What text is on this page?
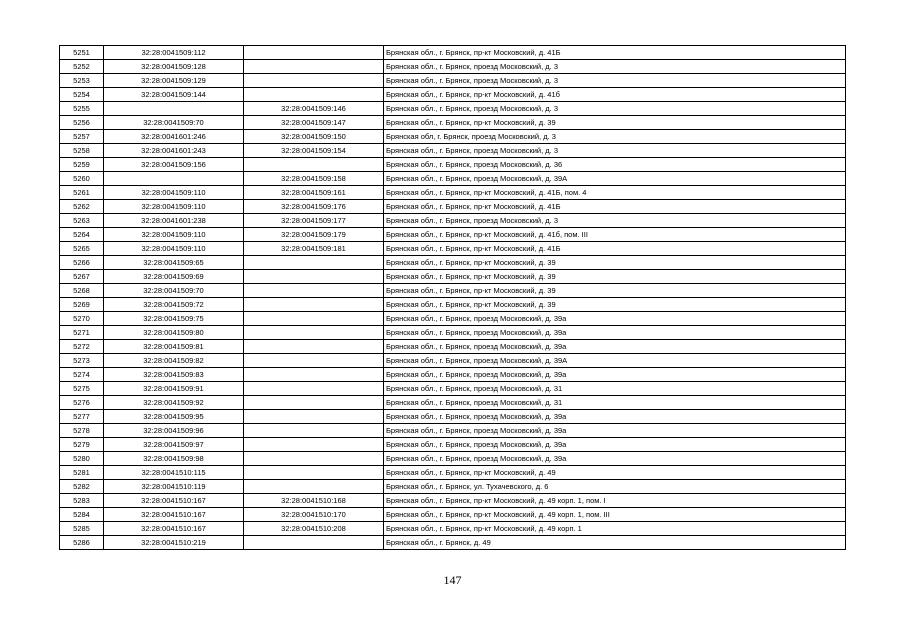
5251	32:28:0041509:112		Брянская обл., г. Брянск, пр-кт Московский, д. 41Б
5252	32:28:0041509:128		Брянская обл., г. Брянск, проезд Московский, д. 3
5253	32:28:0041509:129		Брянская обл., г. Брянск, проезд Московский, д. 3
5254	32:28:0041509:144		Брянская обл., г. Брянск, пр-кт Московский, д. 41б
5255		32:28:0041509:146	Брянская обл., г. Брянск, проезд Московский, д. 3
5256	32:28:0041509:70	32:28:0041509:147	Брянская обл., г. Брянск, пр-кт Московский, д. 39
5257	32:28:0041601:246	32:28:0041509:150	Брянская обл, г. Брянск, проезд Московский, д. 3
5258	32:28:0041601:243	32:28:0041509:154	Брянская обл., г. Брянск, проезд Московский, д. 3
5259	32:28:0041509:156		Брянская обл., г. Брянск, проезд Московский, д. 36
5260		32:28:0041509:158	Брянская обл., г. Брянск, проезд Московский, д. 39А
5261	32:28:0041509:110	32:28:0041509:161	Брянская обл., г. Брянск, пр-кт Московский, д. 41Б, пом. 4
5262	32:28:0041509:110	32:28:0041509:176	Брянская обл., г. Брянск, пр-кт Московский, д. 41Б
5263	32:28:0041601:238	32:28:0041509:177	Брянская обл., г. Брянск, проезд Московский, д. 3
5264	32:28:0041509:110	32:28:0041509:179	Брянская обл., г. Брянск, пр-кт Московский, д. 41б, пом. III
5265	32:28:0041509:110	32:28:0041509:181	Брянская обл., г. Брянск, пр-кт Московский, д. 41Б
5266	32:28:0041509:65		Брянская обл., г. Брянск, пр-кт Московский, д. 39
5267	32:28:0041509:69		Брянская обл., г. Брянск, пр-кт Московский, д. 39
5268	32:28:0041509:70		Брянская обл., г. Брянск, пр-кт Московский, д. 39
5269	32:28:0041509:72		Брянская обл., г. Брянск, пр-кт Московский, д. 39
5270	32:28:0041509:75		Брянская обл., г. Брянск, проезд Московский, д. 39а
5271	32:28:0041509:80		Брянская обл., г. Брянск, проезд Московский, д. 39а
5272	32:28:0041509:81		Брянская обл., г. Брянск, проезд Московский, д. 39а
5273	32:28:0041509:82		Брянская обл., г. Брянск, проезд Московский, д. 39А
5274	32:28:0041509:83		Брянская обл., г. Брянск, проезд Московский, д. 39а
5275	32:28:0041509:91		Брянская обл., г. Брянск, проезд Московский, д. 31
5276	32:28:0041509:92		Брянская обл., г. Брянск, проезд Московский, д. 31
5277	32:28:0041509:95		Брянская обл., г. Брянск, проезд Московский, д. 39а
5278	32:28:0041509:96		Брянская обл., г. Брянск, проезд Московский, д. 39а
5279	32:28:0041509:97		Брянская обл., г. Брянск, проезд Московский, д. 39а
5280	32:28:0041509:98		Брянская обл., г. Брянск, проезд Московский, д. 39а
5281	32:28:0041510:115		Брянская обл., г. Брянск, пр-кт Московский, д. 49
5282	32:28:0041510:119		Брянская обл., г. Брянск, ул. Тухачевского, д. 6
5283	32:28:0041510:167	32:28:0041510:168	Брянская обл., г. Брянск, пр-кт Московский, д. 49 корп. 1, пом. I
5284	32:28:0041510:167	32:28:0041510:170	Брянская обл., г. Брянск, пр-кт Московский, д. 49 корп. 1, пом. III
5285	32:28:0041510:167	32:28:0041510:208	Брянская обл., г. Брянск, пр-кт Московский, д. 49 корп. 1
5286	32:28:0041510:219		Брянская обл., г. Брянск, д. 49
147
